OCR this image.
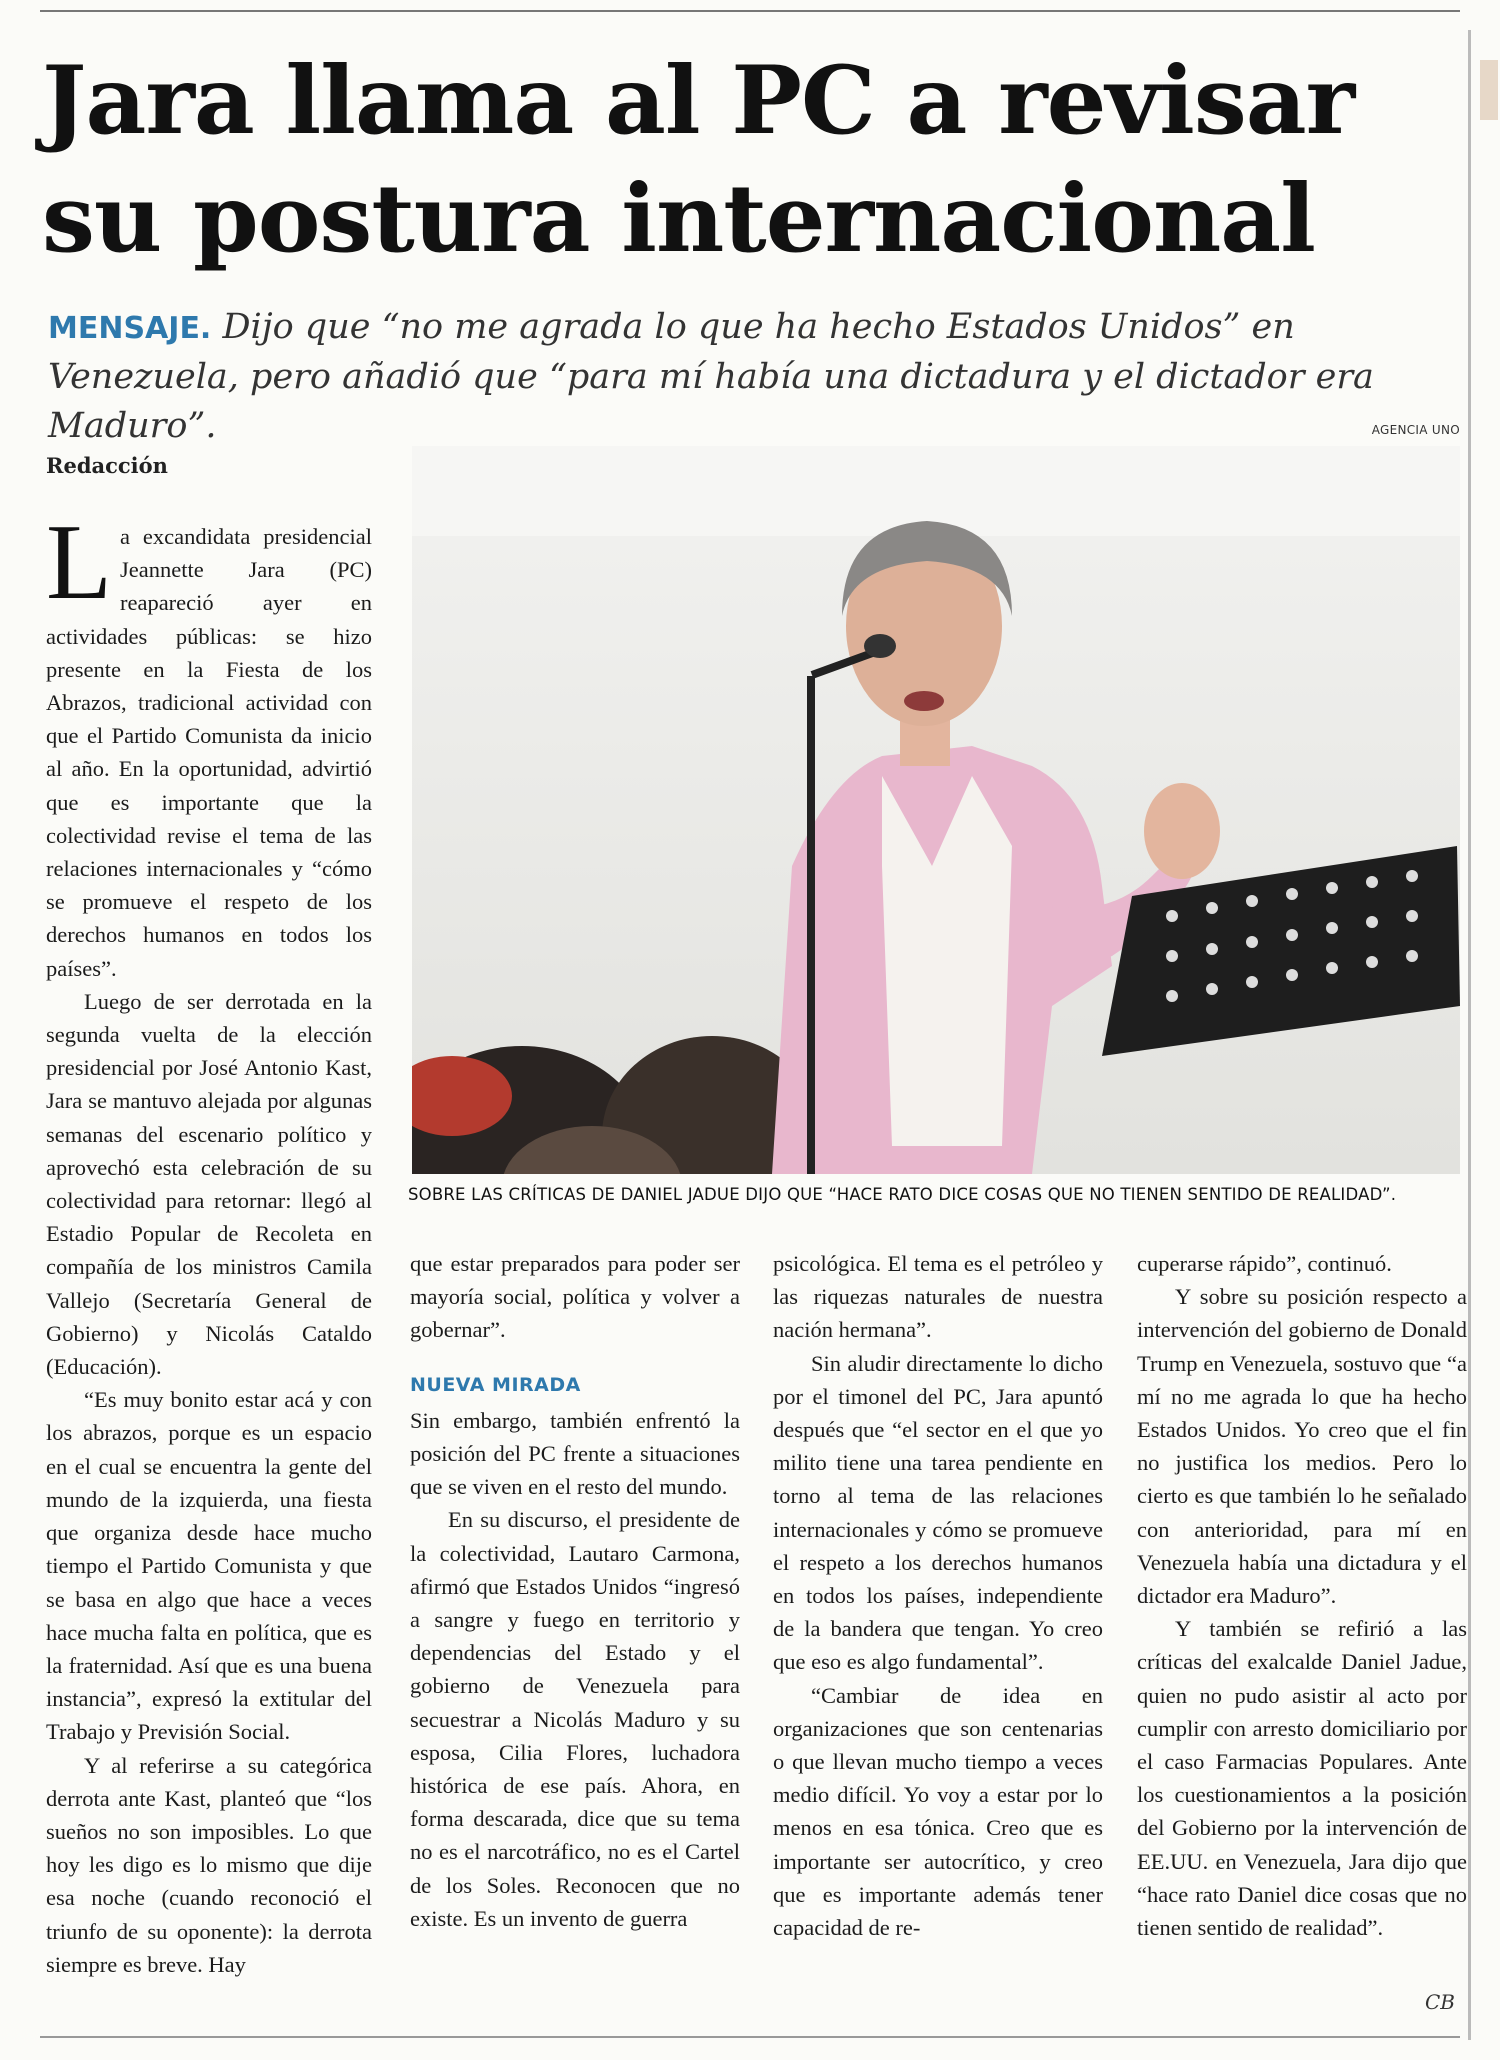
Jara llama al PC a revisar su postura internacional

MENSAJE. Dijo que “no me agrada lo que ha hecho Estados Unidos” en Venezuela, pero añadió que “para mí había una dictadura y el dictador era Maduro”.	AGENCIA UNO
Redacción

SOBRE LAS CRÍTICAS DE DANIEL JADUE DIJO QUE “HACE RATO DICE COSAS QUE NO TIENEN SENTIDO DE REALIDAD”.

La excandidata presidencial Jeannette Jara (PC) reapareció ayer en actividades públicas: se hizo presente en la Fiesta de los Abrazos, tradicional actividad con que el Partido Comunista da inicio al año. En la oportunidad, advirtió que es importante que la colectividad revise el tema de las relaciones internacionales y “cómo se promueve el respeto de los derechos humanos en todos los países”.

Luego de ser derrotada en la segunda vuelta de la elección presidencial por José Antonio Kast, Jara se mantuvo alejada por algunas semanas del escenario político y aprovechó esta celebración de su colectividad para retornar: llegó al Estadio Popular de Recoleta en compañía de los ministros Camila Vallejo (Secretaría General de Gobierno) y Nicolás Cataldo (Educación).

“Es muy bonito estar acá y con los abrazos, porque es un espacio en el cual se encuentra la gente del mundo de la izquierda, una fiesta que organiza desde hace mucho tiempo el Partido Comunista y que se basa en algo que hace a veces hace mucha falta en política, que es la fraternidad. Así que es una buena instancia”, expresó la extitular del Trabajo y Previsión Social.

Y al referirse a su categórica derrota ante Kast, planteó que “los sueños no son imposibles. Lo que hoy les digo es lo mismo que dije esa noche (cuando reconoció el triunfo de su oponente): la derrota siempre es breve. Hay

que estar preparados para poder ser mayoría social, política y volver a gobernar”.

NUEVA MIRADA

Sin embargo, también enfrentó la posición del PC frente a situaciones que se viven en el resto del mundo.

En su discurso, el presidente de la colectividad, Lautaro Carmona, afirmó que Estados Unidos “ingresó a sangre y fuego en territorio y dependencias del Estado y el gobierno de Venezuela para secuestrar a Nicolás Maduro y su esposa, Cilia Flores, luchadora histórica de ese país. Ahora, en forma descarada, dice que su tema no es el narcotráfico, no es el Cartel de los Soles. Reconocen que no existe. Es un invento de guerra

psicológica. El tema es el petróleo y las riquezas naturales de nuestra nación hermana”.

Sin aludir directamente lo dicho por el timonel del PC, Jara apuntó después que “el sector en el que yo milito tiene una tarea pendiente en torno al tema de las relaciones internacionales y cómo se promueve el respeto a los derechos humanos en todos los países, independiente de la bandera que tengan. Yo creo que eso es algo fundamental”.

“Cambiar de idea en organizaciones que son centenarias o que llevan mucho tiempo a veces medio difícil. Yo voy a estar por lo menos en esa tónica. Creo que es importante ser autocrítico, y creo que es importante además tener capacidad de re-

cuperarse rápido”, continuó.

Y sobre su posición respecto a intervención del gobierno de Donald Trump en Venezuela, sostuvo que “a mí no me agrada lo que ha hecho Estados Unidos. Yo creo que el fin no justifica los medios. Pero lo cierto es que también lo he señalado con anterioridad, para mí en Venezuela había una dictadura y el dictador era Maduro”.

Y también se refirió a las críticas del exalcalde Daniel Jadue, quien no pudo asistir al acto por cumplir con arresto domiciliario por el caso Farmacias Populares. Ante los cuestionamientos a la posición del Gobierno por la intervención de EE.UU. en Venezuela, Jara dijo que “hace rato Daniel dice cosas que no tienen sentido de realidad”.

CB
